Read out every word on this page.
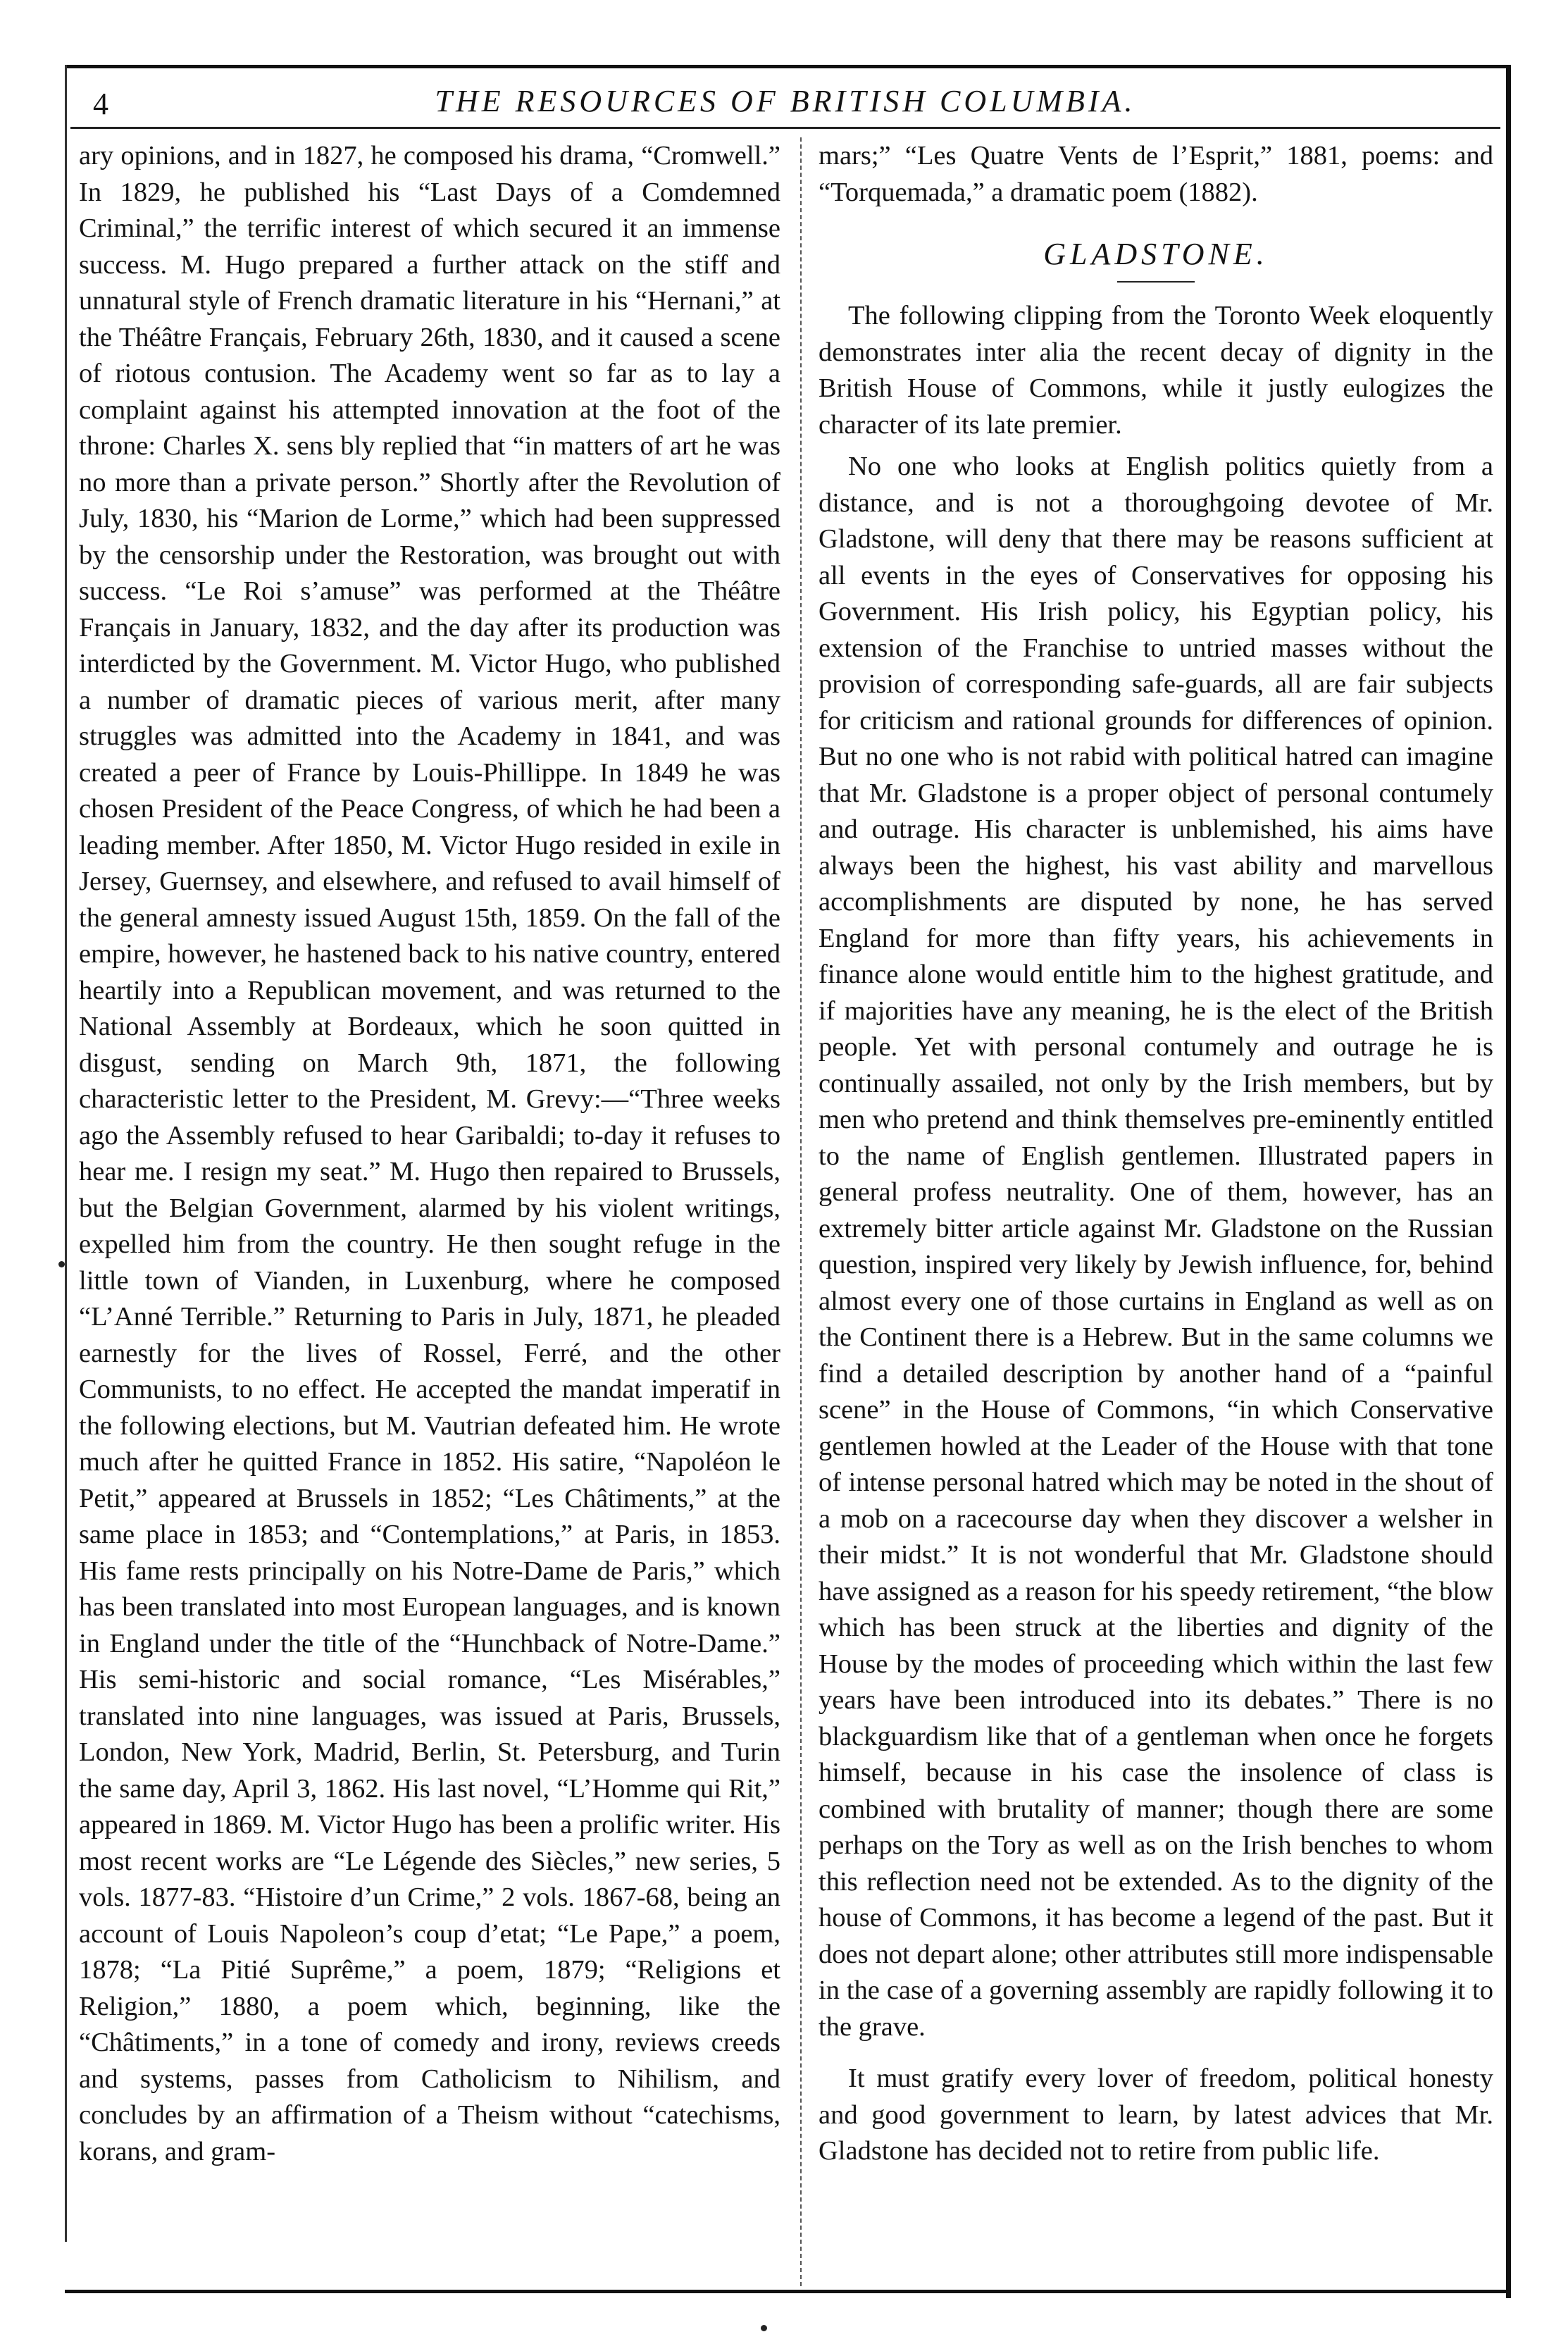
4	THE RESOURCES OF BRITISH COLUMBIA.

ary opinions, and in 1827, he composed his drama, “Cromwell.” In 1829, he published his “Last Days of a Comdemned Criminal,” the terrific interest of which secured it an immense success. M. Hugo prepared a further attack on the stiff and unnatural style of French dramatic literature in his “Hernani,” at the Théâtre Français, February 26th, 1830, and it caused a scene of riotous contusion. The Academy went so far as to lay a complaint against his attempted innovation at the foot of the throne: Charles X. sens bly replied that “in matters of art he was no more than a private person.” Shortly after the Revolution of July, 1830, his “Marion de Lorme,” which had been suppressed by the censorship under the Restoration, was brought out with success. “Le Roi s’amuse” was performed at the Théâtre Français in January, 1832, and the day after its production was interdicted by the Government. M. Victor Hugo, who published a number of dramatic pieces of various merit, after many struggles was admitted into the Academy in 1841, and was created a peer of France by Louis-Phillippe. In 1849 he was chosen President of the Peace Congress, of which he had been a leading member. After 1850, M. Victor Hugo resided in exile in Jersey, Guernsey, and elsewhere, and refused to avail himself of the general amnesty issued August 15th, 1859. On the fall of the empire, however, he hastened back to his native country, entered heartily into a Republican movement, and was returned to the National Assembly at Bordeaux, which he soon quitted in disgust, sending on March 9th, 1871, the following characteristic letter to the President, M. Grevy:—“Three weeks ago the Assembly refused to hear Garibaldi; to-day it refuses to hear me. I resign my seat.” M. Hugo then repaired to Brussels, but the Belgian Government, alarmed by his violent writings, expelled him from the country. He then sought refuge in the little town of Vianden, in Luxenburg, where he composed “L’Anné Terrible.” Returning to Paris in July, 1871, he pleaded earnestly for the lives of Rossel, Ferré, and the other Communists, to no effect. He accepted the mandat imperatif in the following elections, but M. Vautrian defeated him. He wrote much after he quitted France in 1852. His satire, “Napoléon le Petit,” appeared at Brussels in 1852; “Les Châtiments,” at the same place in 1853; and “Contemplations,” at Paris, in 1853. His fame rests principally on his Notre-Dame de Paris,” which has been translated into most European languages, and is known in England under the title of the “Hunchback of Notre-Dame.” His semi-historic and social romance, “Les Misérables,” translated into nine languages, was issued at Paris, Brussels, London, New York, Madrid, Berlin, St. Petersburg, and Turin the same day, April 3, 1862. His last novel, “L’Homme qui Rit,” appeared in 1869. M. Victor Hugo has been a prolific writer. His most recent works are “Le Légende des Siècles,” new series, 5 vols. 1877-83. “Histoire d’un Crime,” 2 vols. 1867-68, being an account of Louis Napoleon’s coup d’etat; “Le Pape,” a poem, 1878; “La Pitié Suprême,” a poem, 1879; “Religions et Religion,” 1880, a poem which, beginning, like the “Châtiments,” in a tone of comedy and irony, reviews creeds and systems, passes from Catholicism to Nihilism, and concludes by an affirmation of a Theism without “catechisms, korans, and gram-

mars;” “Les Quatre Vents de l’Esprit,” 1881, poems: and “Torquemada,” a dramatic poem (1882).

GLADSTONE.

The following clipping from the Toronto Week eloquently demonstrates inter alia the recent decay of dignity in the British House of Commons, while it justly eulogizes the character of its late premier.

No one who looks at English politics quietly from a distance, and is not a thoroughgoing devotee of Mr. Gladstone, will deny that there may be reasons sufficient at all events in the eyes of Conservatives for opposing his Government. His Irish policy, his Egyptian policy, his extension of the Franchise to untried masses without the provision of corresponding safe-guards, all are fair subjects for criticism and rational grounds for differences of opinion. But no one who is not rabid with political hatred can imagine that Mr. Gladstone is a proper object of personal contumely and outrage. His character is unblemished, his aims have always been the highest, his vast ability and marvellous accomplishments are disputed by none, he has served England for more than fifty years, his achievements in finance alone would entitle him to the highest gratitude, and if majorities have any meaning, he is the elect of the British people. Yet with personal contumely and outrage he is continually assailed, not only by the Irish members, but by men who pretend and think themselves pre-eminently entitled to the name of English gentlemen. Illustrated papers in general profess neutrality. One of them, however, has an extremely bitter article against Mr. Gladstone on the Russian question, inspired very likely by Jewish influence, for, behind almost every one of those curtains in England as well as on the Continent there is a Hebrew. But in the same columns we find a detailed description by another hand of a “painful scene” in the House of Commons, “in which Conservative gentlemen howled at the Leader of the House with that tone of intense personal hatred which may be noted in the shout of a mob on a racecourse day when they discover a welsher in their midst.” It is not wonderful that Mr. Gladstone should have assigned as a reason for his speedy retirement, “the blow which has been struck at the liberties and dignity of the House by the modes of proceeding which within the last few years have been introduced into its debates.” There is no blackguardism like that of a gentleman when once he forgets himself, because in his case the insolence of class is combined with brutality of manner; though there are some perhaps on the Tory as well as on the Irish benches to whom this reflection need not be extended. As to the dignity of the house of Commons, it has become a legend of the past. But it does not depart alone; other attributes still more indispensable in the case of a governing assembly are rapidly following it to the grave.

It must gratify every lover of freedom, political honesty and good government to learn, by latest advices that Mr. Gladstone has decided not to retire from public life.
